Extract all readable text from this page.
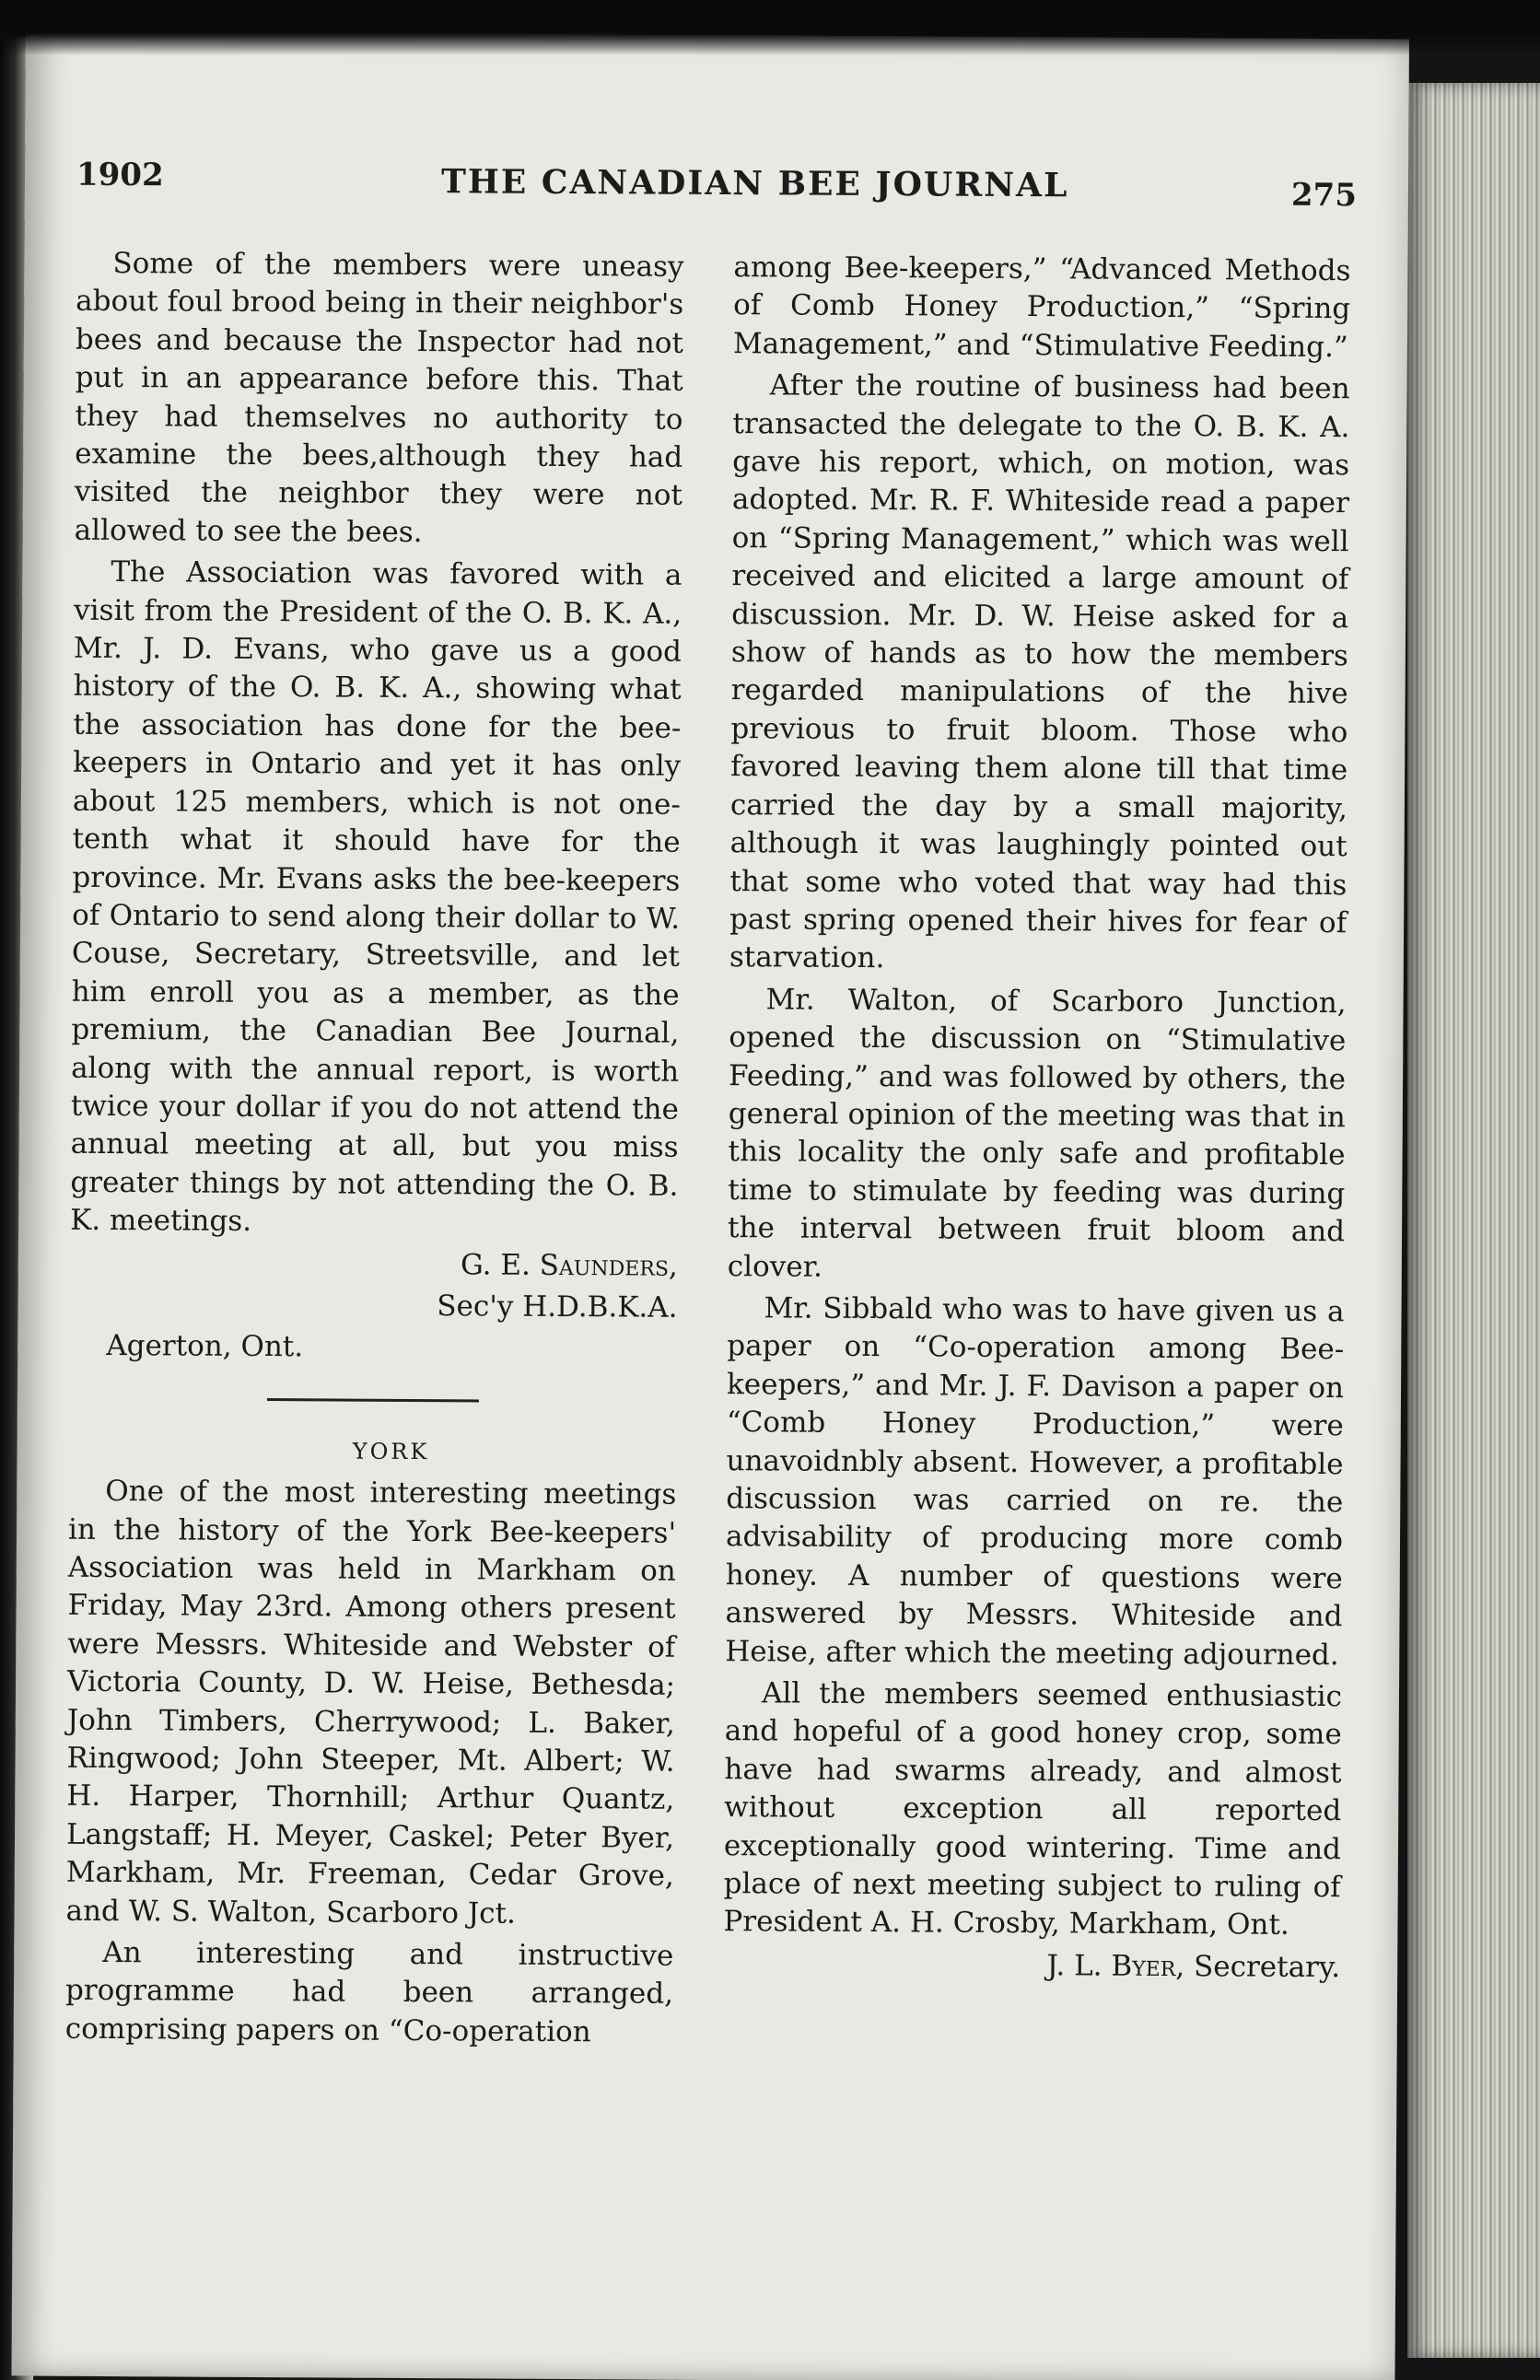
1902	THE CANADIAN BEE JOURNAL	275

Some of the members were uneasy about foul brood being in their neighbor's bees and because the Inspector had not put in an appearance before this. That they had themselves no authority to examine the bees,although they had visited the neighbor they were not allowed to see the bees.

The Association was favored with a visit from the President of the O. B. K. A., Mr. J. D. Evans, who gave us a good history of the O. B. K. A., showing what the association has done for the bee-keepers in Ontario and yet it has only about 125 members, which is not one-tenth what it should have for the province. Mr. Evans asks the bee-keepers of Ontario to send along their dollar to W. Couse, Secretary, Streetsville, and let him enroll you as a member, as the premium, the Canadian Bee Journal, along with the annual report, is worth twice your dollar if you do not attend the annual meeting at all, but you miss greater things by not attending the O. B. K. meetings.

G. E. Saunders,

Sec'y H.D.B.K.A.

Agerton, Ont.

YORK

One of the most interesting meetings in the history of the York Bee-keepers' Association was held in Markham on Friday, May 23rd. Among others present were Messrs. Whiteside and Webster of Victoria County, D. W. Heise, Bethesda; John Timbers, Cherrywood; L. Baker, Ringwood; John Steeper, Mt. Albert; W. H. Harper, Thornhill; Arthur Quantz, Langstaff; H. Meyer, Caskel; Peter Byer, Markham, Mr. Freeman, Cedar Grove, and W. S. Walton, Scarboro Jct.

An interesting and instructive programme had been arranged, comprising papers on “Co-operation

among Bee-keepers,” “Advanced Methods of Comb Honey Production,” “Spring Management,” and “Stimulative Feeding.”

After the routine of business had been transacted the delegate to the O. B. K. A. gave his report, which, on motion, was adopted. Mr. R. F. Whiteside read a paper on “Spring Management,” which was well received and elicited a large amount of discussion. Mr. D. W. Heise asked for a show of hands as to how the members regarded manipulations of the hive previous to fruit bloom. Those who favored leaving them alone till that time carried the day by a small majority, although it was laughingly pointed out that some who voted that way had this past spring opened their hives for fear of starvation.

Mr. Walton, of Scarboro Junction, opened the discussion on “Stimulative Feeding,” and was followed by others, the general opinion of the meeting was that in this locality the only safe and profitable time to stimulate by feeding was during the interval between fruit bloom and clover.

Mr. Sibbald who was to have given us a paper on “Co-operation among Bee-keepers,” and Mr. J. F. Davison a paper on “Comb Honey Production,” were unavoidnbly absent. However, a profitable discussion was carried on re. the advisability of producing more comb honey. A number of questions were answered by Messrs. Whiteside and Heise, after which the meeting adjourned.

All the members seemed enthusiastic and hopeful of a good honey crop, some have had swarms already, and almost without exception all reported exceptionally good wintering. Time and place of next meeting subject to ruling of President A. H. Crosby, Markham, Ont.

J. L. Byer, Secretary.
